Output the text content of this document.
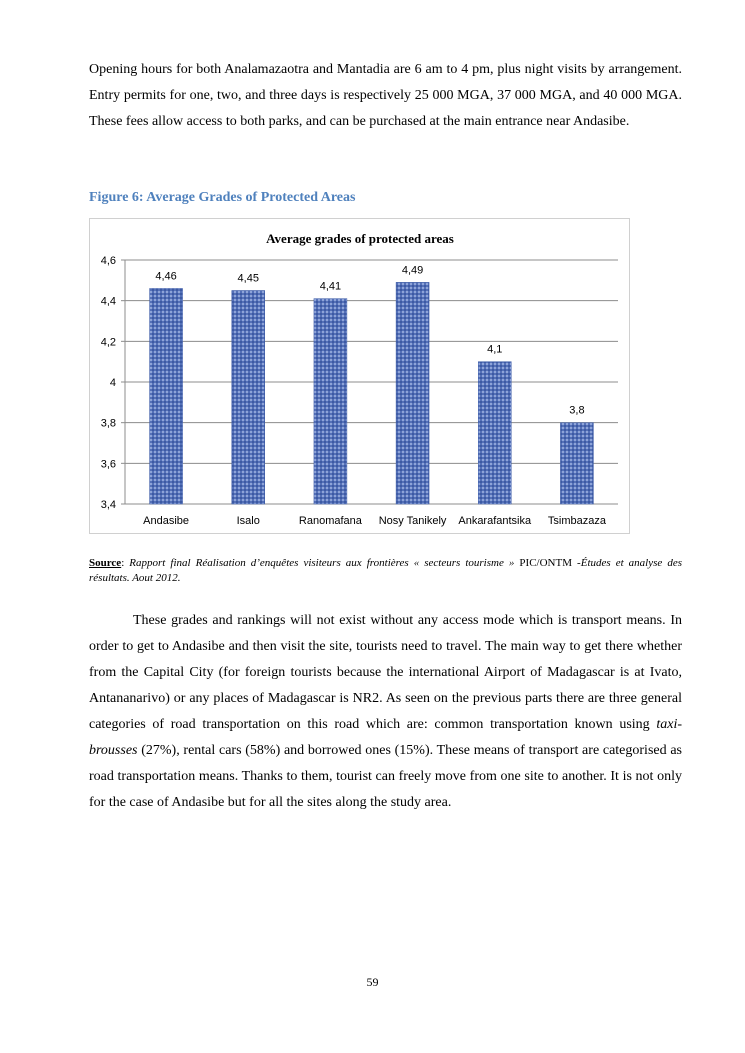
Opening hours for both Analamazaotra and Mantadia are 6 am to 4 pm, plus night visits by arrangement. Entry permits for one, two, and three days is respectively 25 000 MGA, 37 000 MGA, and 40 000 MGA. These fees allow access to both parks, and can be purchased at the main entrance near Andasibe.

Figure 6: Average Grades of Protected Areas

Average grades of protected areas
3,4
3,6
3,8
4
4,2
4,4
4,6
4,46
Andasibe
4,45
Isalo
4,41
Ranomafana
4,49
Nosy Tanikely
4,1
Ankarafantsika
3,8
Tsimbazaza

Source: Rapport final Réalisation d’enquêtes visiteurs aux frontières « secteurs tourisme » PIC/ONTM -Études et analyse des résultats. Aout 2012.

These grades and rankings will not exist without any access mode which is transport means. In order to get to Andasibe and then visit the site, tourists need to travel. The main way to get there whether from the Capital City (for foreign tourists because the international Airport of Madagascar is at Ivato, Antananarivo) or any places of Madagascar is NR2. As seen on the previous parts there are three general categories of road transportation on this road which are: common transportation known using taxi-brousses (27%), rental cars (58%) and borrowed ones (15%). These means of transport are categorised as road transportation means. Thanks to them, tourist can freely move from one site to another. It is not only for the case of Andasibe but for all the sites along the study area.

59
